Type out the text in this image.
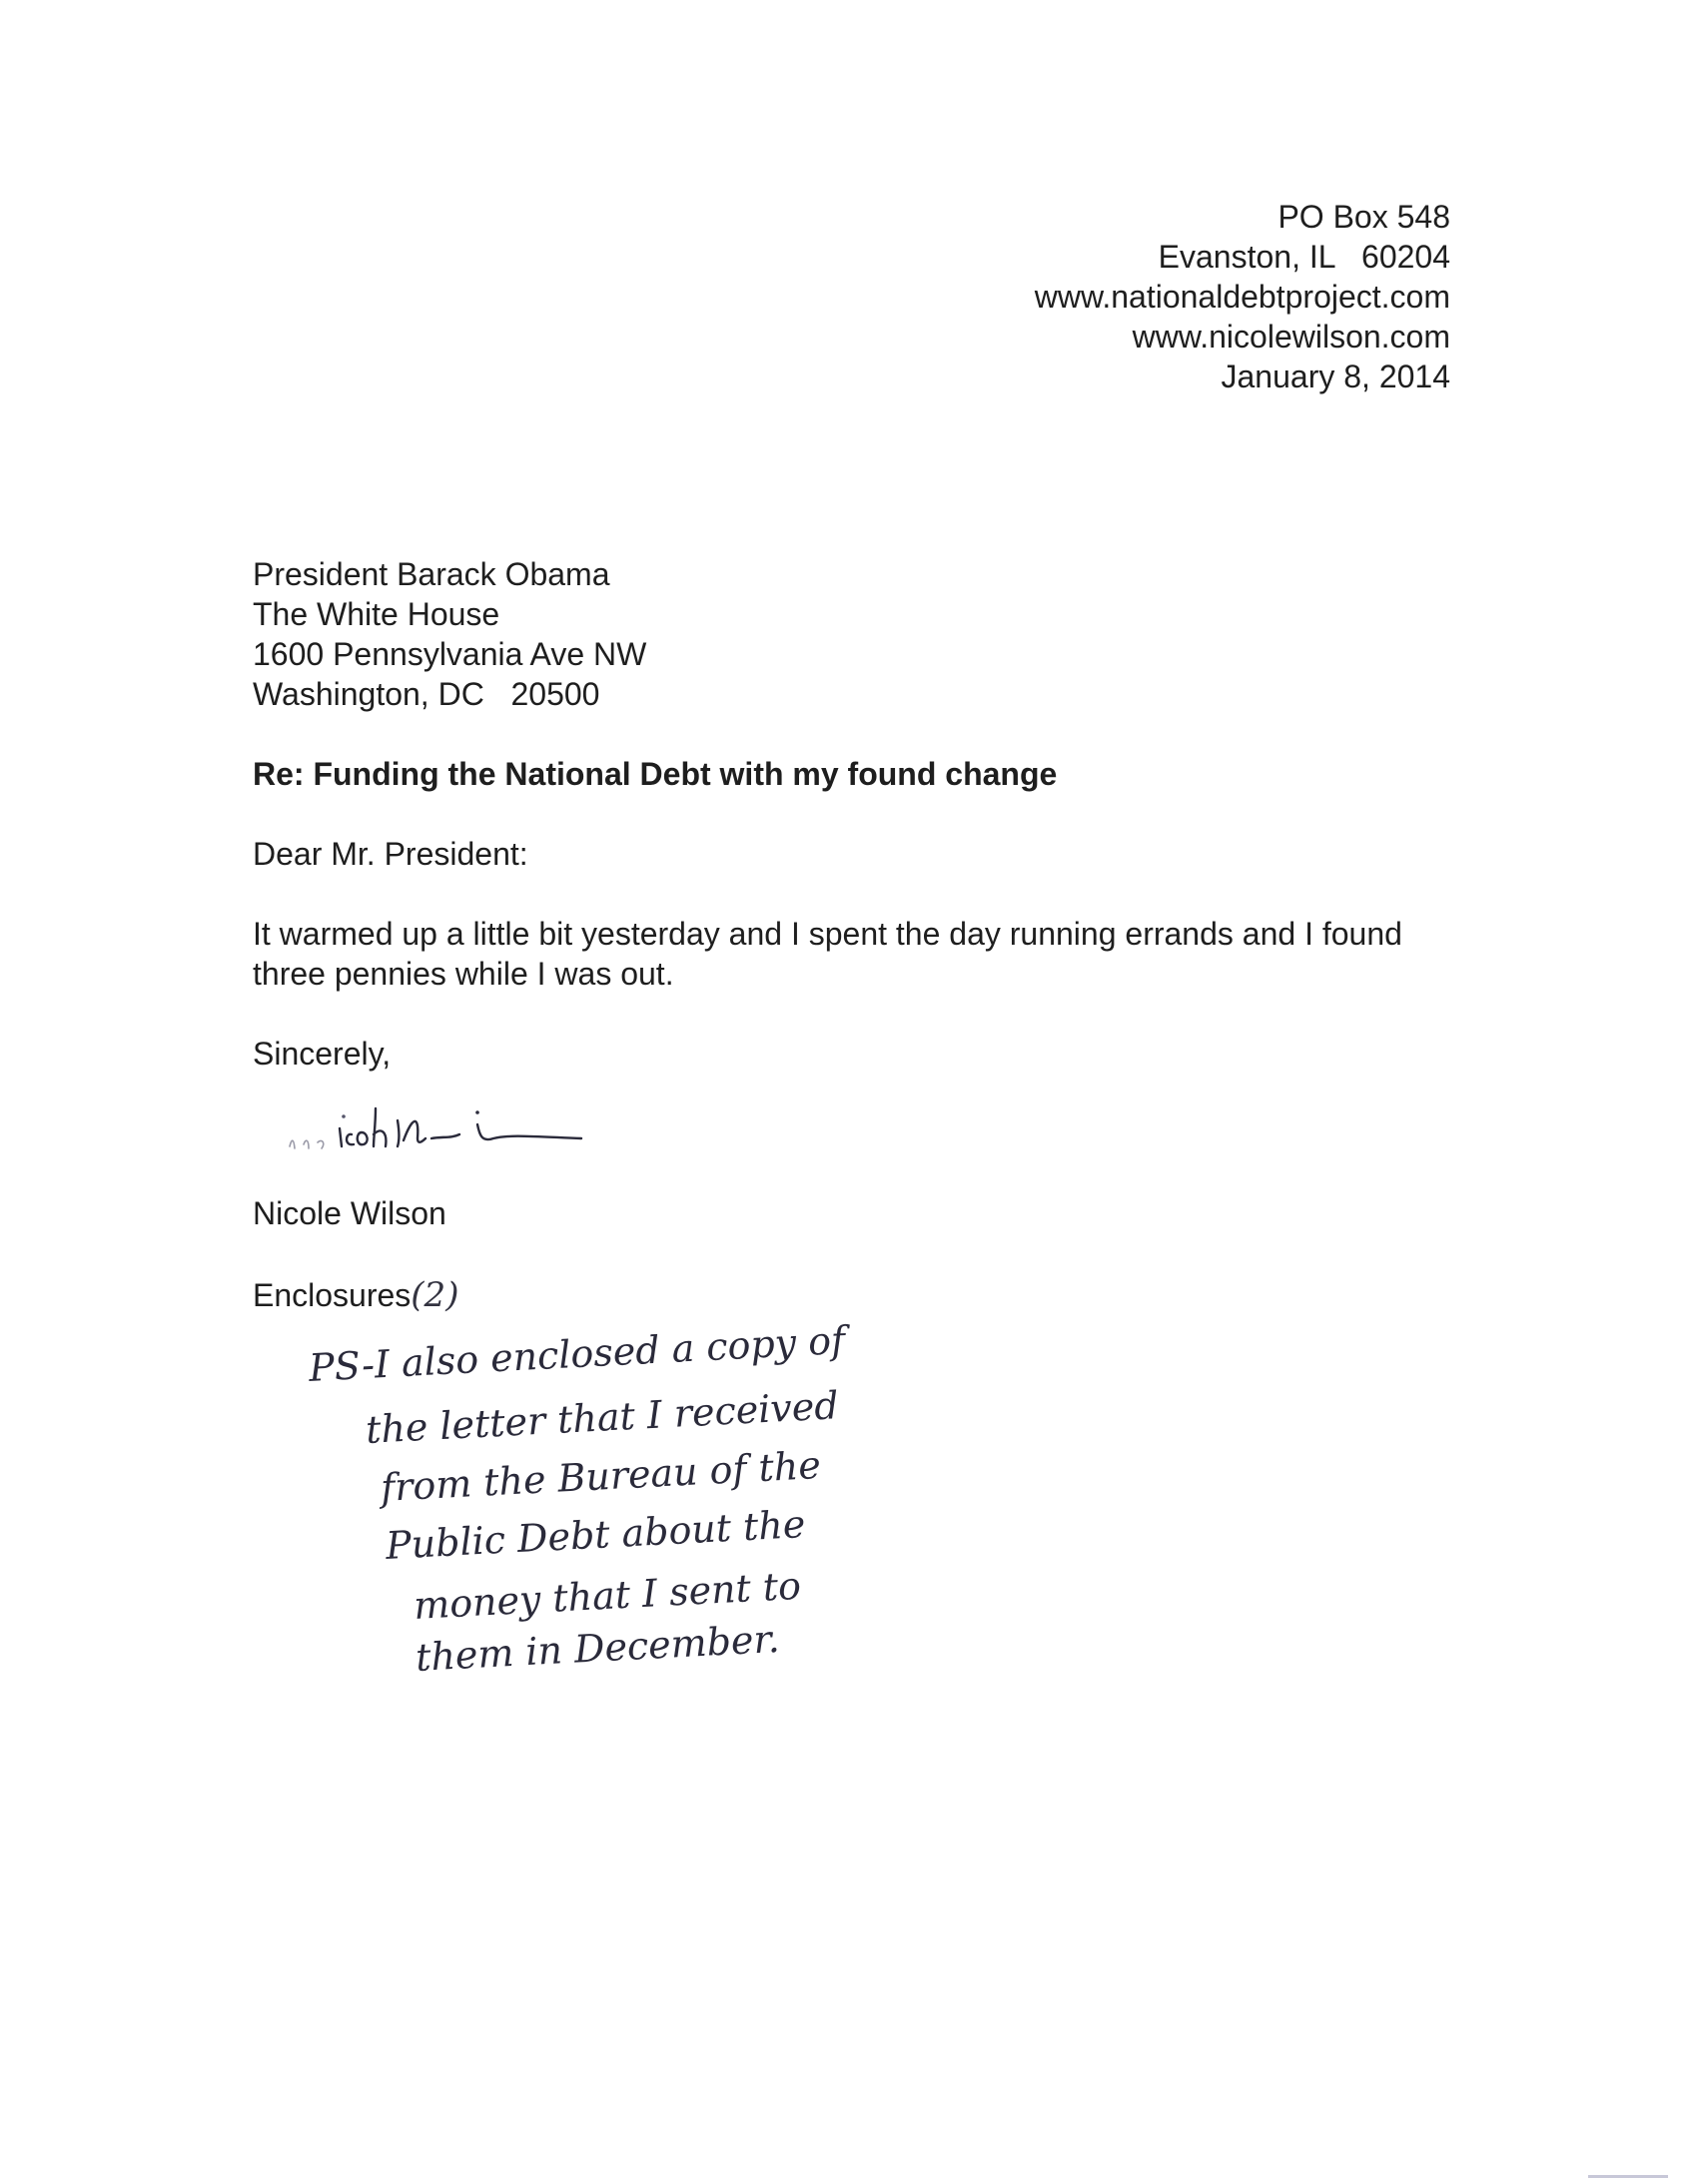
PO Box 548
Evanston, IL   60204
www.nationaldebtproject.com
www.nicolewilson.com
January 8, 2014
President Barack Obama
The White House
1600 Pennsylvania Ave NW
Washington, DC   20500
Re: Funding the National Debt with my found change
Dear Mr. President:
It warmed up a little bit yesterday and I spent the day running errands and I found
three pennies while I was out.
Sincerely,
Nicole Wilson
Enclosures(2)
PS-I also enclosed a copy of
the letter that I received
from the Bureau of the
Public Debt about the
money that I sent to
them in December.
